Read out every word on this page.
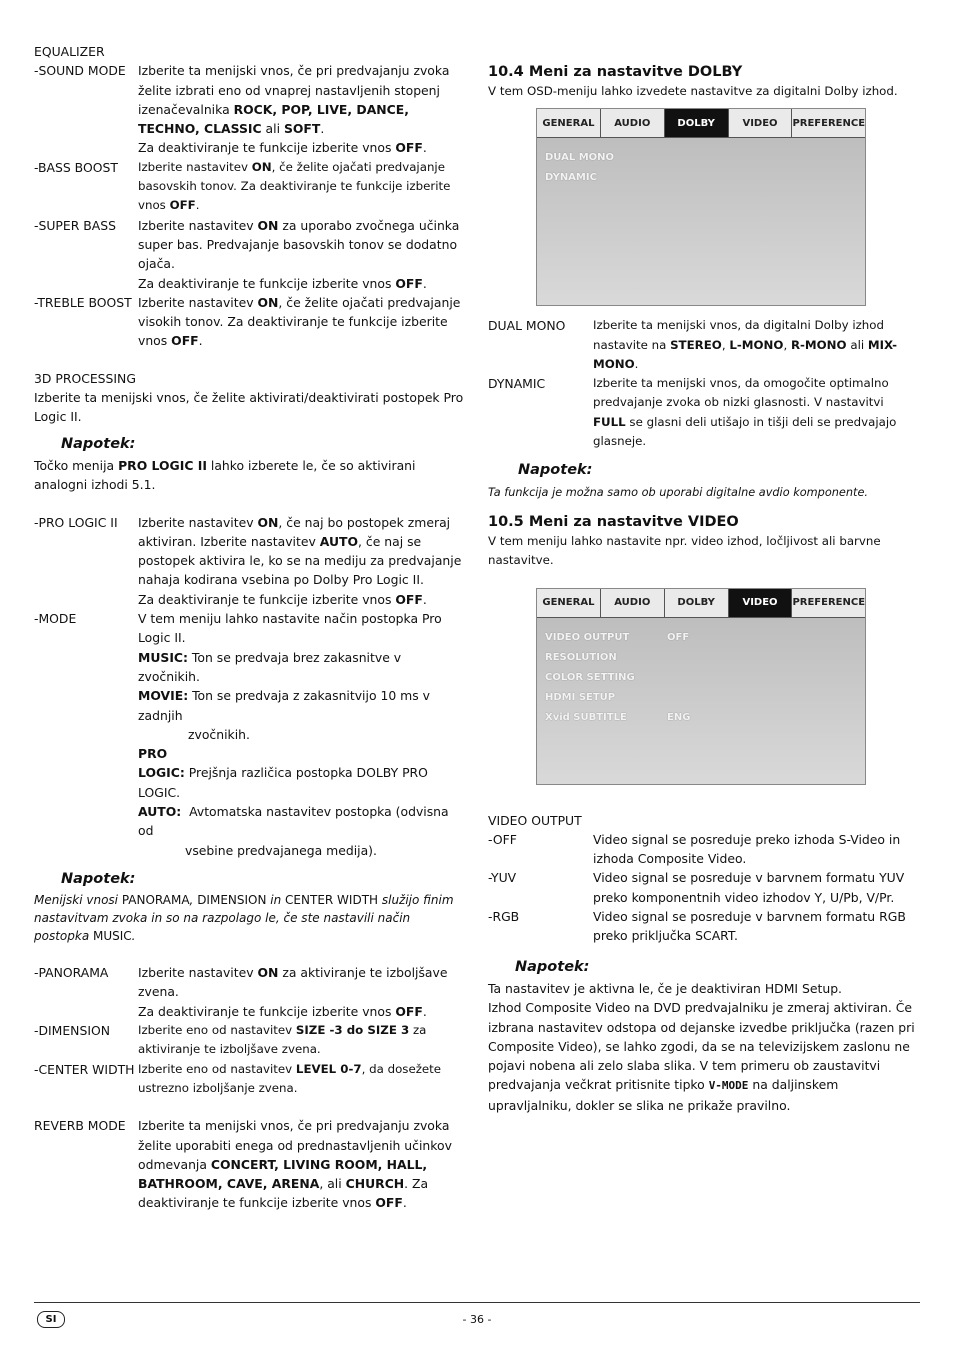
EQUALIZER
-SOUND MODE Izberite ta menijski vnos, če pri predvajanju zvoka želite izbrati eno od vnaprej nastavljenih stopenj izenačevalnika ROCK, POP, LIVE, DANCE, TECHNO, CLASSIC ali SOFT.
Za deaktiviranje te funkcije izberite vnos OFF.
-BASS BOOST	Izberite nastavitev ON, če želite ojačati predvajanje basovskih tonov. Za deaktiviranje te funkcije izberite vnos OFF.
-SUPER BASS	Izberite nastavitev ON za uporabo zvočnega učinka super bas. Predvajanje basovskih tonov se dodatno ojača.
Za deaktiviranje te funkcije izberite vnos OFF.
-TREBLE BOOST Izberite nastavitev ON, če želite ojačati predvajanje visokih tonov. Za deaktiviranje te funkcije izberite vnos OFF.
3D PROCESSING
Izberite ta menijski vnos, če želite aktivirati/deaktivirati postopek Pro Logic II.
Napotek:
Točko menija PRO LOGIC II lahko izberete le, če so aktivirani analogni izhodi 5.1.
-PRO LOGIC II	Izberite nastavitev ON, če naj bo postopek zmeraj aktiviran. Izberite nastavitev AUTO, če naj se postopek aktivira le, ko se na mediju za predvajanje nahaja kodirana vsebina po Dolby Pro Logic II.
Za deaktiviranje te funkcije izberite vnos OFF.
-MODE	V tem meniju lahko nastavite način postopka Pro Logic II.
MUSIC: Ton se predvaja brez zakasnitve v zvočnikih.
MOVIE: Ton se predvaja z zakasnitvijo 10 ms v zadnjih
zvočnikih.
PRO
LOGIC: Prejšnja različica postopka DOLBY PRO LOGIC.
AUTO: Avtomatska nastavitev postopka (odvisna od
vsebine predvajanega medija).
Napotek:
Menijski vnosi PANORAMA, DIMENSION in CENTER WIDTH služijo finim nastavitvam zvoka in so na razpolago le, če ste nastavili način postopka MUSIC.
-PANORAMA	Izberite nastavitev ON za aktiviranje te izboljšave zvena.
Za deaktiviranje te funkcije izberite vnos OFF.
-DIMENSION	Izberite eno od nastavitev SIZE -3 do SIZE 3 za aktiviranje te izboljšave zvena.
-CENTER WIDTH Izberite eno od nastavitev LEVEL 0-7, da dosežete ustrezno izboljšanje zvena.
REVERB MODE Izberite ta menijski vnos, če pri predvajanju zvoka želite uporabiti enega od prednastavljenih učinkov odmevanja CONCERT, LIVING ROOM, HALL, BATHROOM, CAVE, ARENA, ali CHURCH. Za deaktiviranje te funkcije izberite vnos OFF.
10.4 Meni za nastavitve DOLBY
V tem OSD-meniju lahko izvedete nastavitve za digitalni Dolby izhod.
GENERAL	AUDIO	DOLBY	VIDEO	PREFERENCE
DUAL MONO
DYNAMIC
DUAL MONO	Izberite ta menijski vnos, da digitalni Dolby izhod nastavite na STEREO, L-MONO, R-MONO ali MIX-MONO.
DYNAMIC	Izberite ta menijski vnos, da omogočite optimalno predvajanje zvoka ob nizki glasnosti. V nastavitvi FULL se glasni deli utišajo in tišji deli se predvajajo glasneje.
Napotek:
Ta funkcija je možna samo ob uporabi digitalne avdio komponente.
10.5 Meni za nastavitve VIDEO
V tem meniju lahko nastavite npr. video izhod, ločljivost ali barvne nastavitve.
GENERAL	AUDIO	DOLBY	VIDEO	PREFERENCE
VIDEO OUTPUT	OFF
RESOLUTION
COLOR SETTING
HDMI SETUP
Xvid SUBTITLE	ENG
VIDEO OUTPUT
-OFF	Video signal se posreduje preko izhoda S-Video in izhoda Composite Video.
-YUV	Video signal se posreduje v barvnem formatu YUV preko komponentnih video izhodov Y, U/Pb, V/Pr.
-RGB	Video signal se posreduje v barvnem formatu RGB preko priključka SCART.
Napotek:
Ta nastavitev je aktivna le, če je deaktiviran HDMI Setup.
Izhod Composite Video na DVD predvajalniku je zmeraj aktiviran. Če izbrana nastavitev odstopa od dejanske izvedbe priključka (razen pri Composite Video), se lahko zgodi, da se na televizijskem zaslonu ne pojavi nobena ali zelo slaba slika. V tem primeru ob zaustavitvi predvajanja večkrat pritisnite tipko V-MODE na daljinskem upravljalniku, dokler se slika ne prikaže pravilno.
SI	- 36 -
